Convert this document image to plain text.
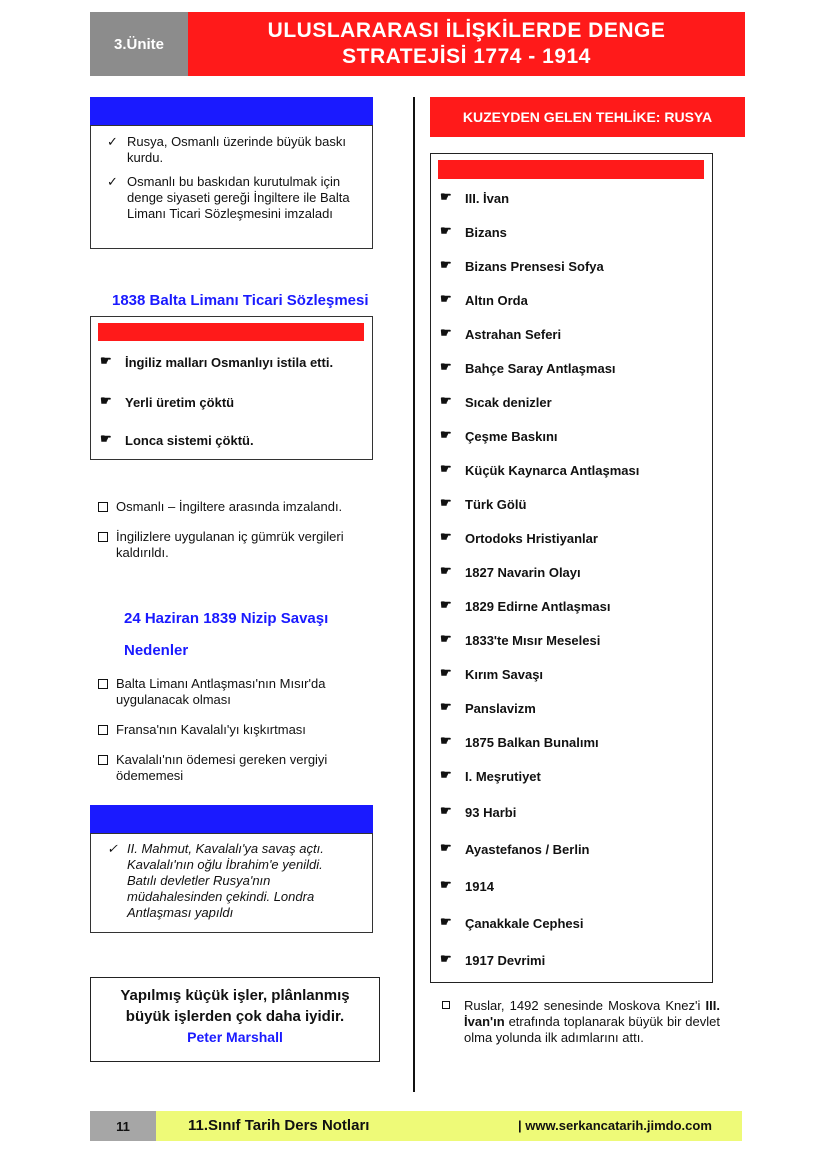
3.Ünite
ULUSLARARASI İLİŞKİLERDE DENGE
STRATEJİSİ 1774 - 1914
✓ Rusya, Osmanlı üzerinde büyük baskı kurdu.
✓ Osmanlı bu baskıdan kurutulmak için denge siyaseti gereği İngiltere ile Balta Limanı Ticari Sözleşmesini imzaladı
1838 Balta Limanı Ticari Sözleşmesi
☛ İngiliz malları Osmanlıyı istila etti.
☛ Yerli üretim çöktü
☛ Lonca sistemi çöktü.
Osmanlı – İngiltere arasında imzalandı.
İngilizlere uygulanan iç gümrük vergileri kaldırıldı.
24 Haziran 1839 Nizip Savaşı
Nedenler
Balta Limanı Antlaşması'nın Mısır'da uygulanacak olması
Fransa'nın Kavalalı'yı kışkırtması
Kavalalı'nın ödemesi gereken vergiyi ödememesi
✓ II. Mahmut, Kavalalı'ya savaş açtı. Kavalalı'nın oğlu İbrahim'e yenildi. Batılı devletler Rusya'nın müdahalesinden çekindi. Londra Antlaşması yapıldı
Yapılmış küçük işler, plânlanmış
büyük işlerden çok daha iyidir.
Peter Marshall
KUZEYDEN GELEN TEHLİKE: RUSYA
☛ III. İvan
☛ Bizans
☛ Bizans Prensesi Sofya
☛ Altın Orda
☛ Astrahan Seferi
☛ Bahçe Saray Antlaşması
☛ Sıcak denizler
☛ Çeşme Baskını
☛ Küçük Kaynarca Antlaşması
☛ Türk Gölü
☛ Ortodoks Hristiyanlar
☛ 1827 Navarin Olayı
☛ 1829 Edirne Antlaşması
☛ 1833'te Mısır Meselesi
☛ Kırım Savaşı
☛ Panslavizm
☛ 1875 Balkan Bunalımı
☛ I. Meşrutiyet
☛ 93 Harbi
☛ Ayastefanos / Berlin
☛ 1914
☛ Çanakkale Cephesi
☛ 1917 Devrimi
Ruslar, 1492 senesinde Moskova Knez'i III. İvan'ın etrafında toplanarak büyük bir devlet olma yolunda ilk adımlarını attı.
11	11.Sınıf Tarih Ders Notları	| www.serkancatarih.jimdo.com
